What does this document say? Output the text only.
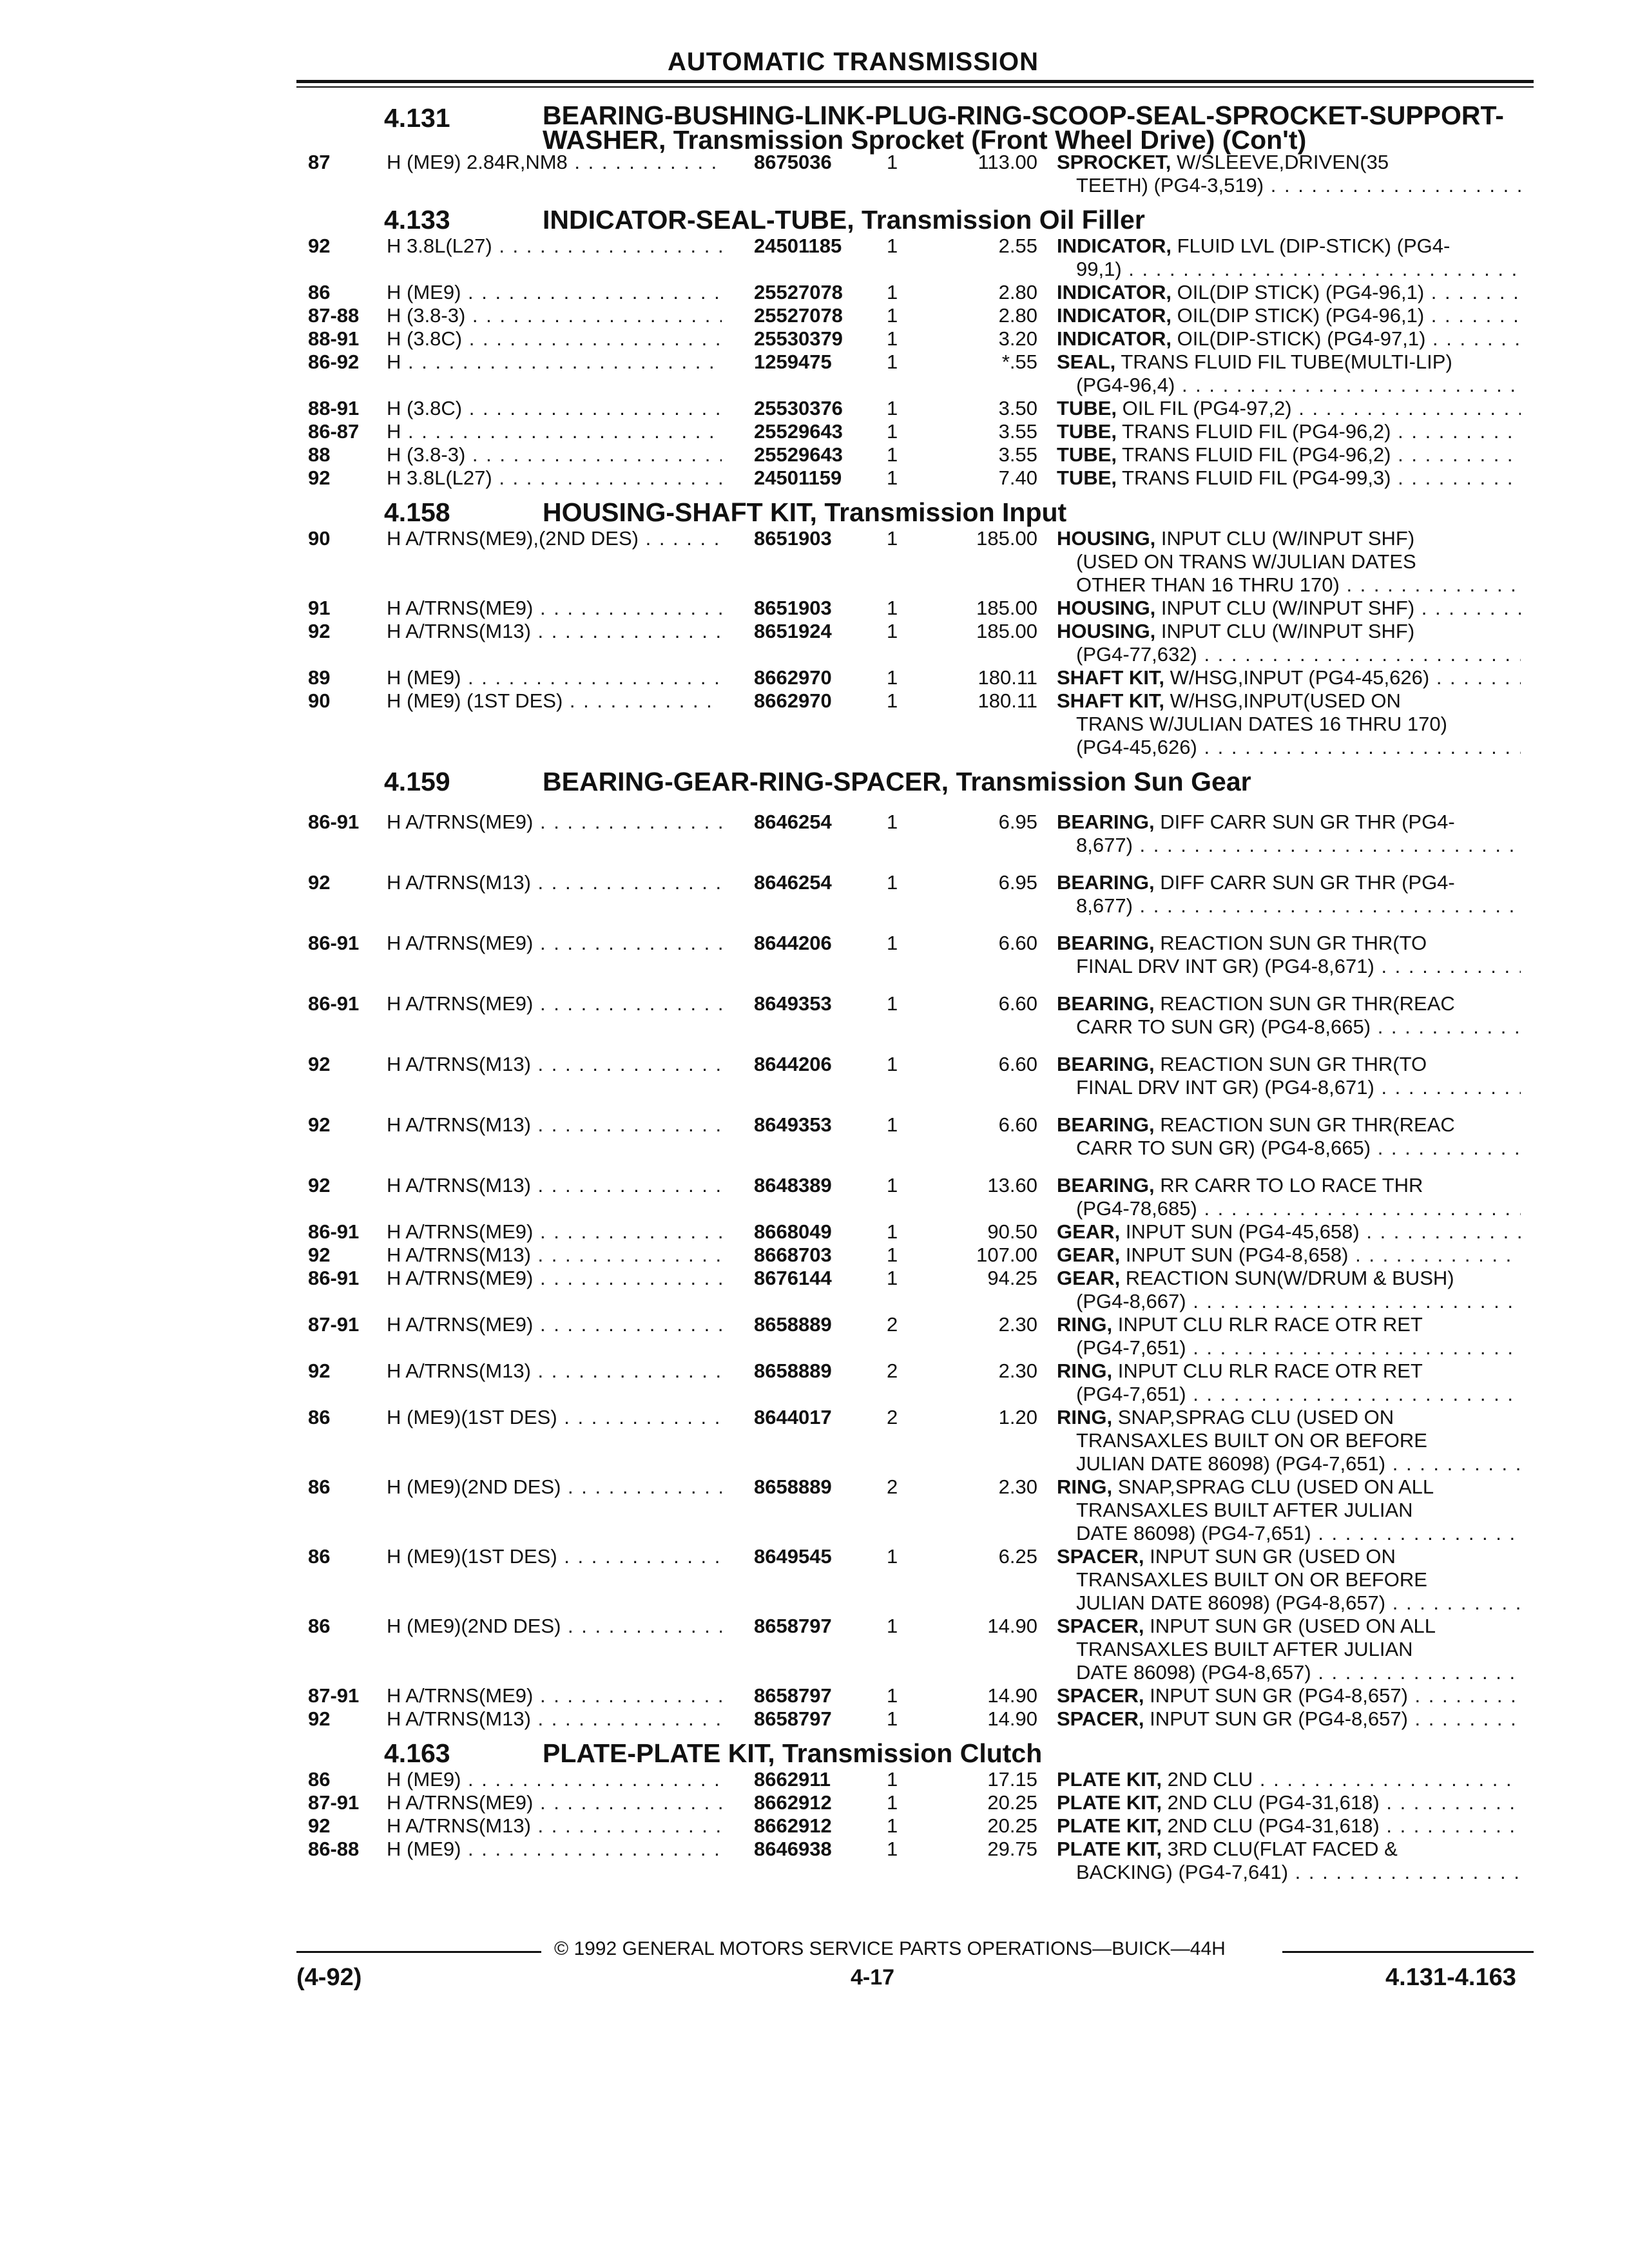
AUTOMATIC TRANSMISSION
4.131	BEARING-BUSHING-LINK-PLUG-RING-SCOOP-SEAL-SPROCKET-SUPPORT-WASHER, Transmission Sprocket (Front Wheel Drive) (Con't)
87	H (ME9) 2.84R,NM8 . . .	8675036	1	113.00 SPROCKET, W/SLEEVE,DRIVEN(35
TEETH) (PG4-3,519) . . .
4.133	INDICATOR-SEAL-TUBE, Transmission Oil Filler
92	H 3.8L(L27) . . .	24501185 1	2.55 INDICATOR, FLUID LVL (DIP-STICK) (PG4-
99,1) . . .
86	H (ME9) . . .	25527078 1	2.80 INDICATOR, OIL(DIP STICK) (PG4-96,1) . . .
87-88 H (3.8-3) . . .	25527078 1	2.80 INDICATOR, OIL(DIP STICK) (PG4-96,1) . . .
88-91 H (3.8C) . . .	25530379 1	3.20 INDICATOR, OIL(DIP-STICK) (PG4-97,1) . . .
86-92 H . . .	1259475	1	*.55 SEAL, TRANS FLUID FIL TUBE(MULTI-LIP)
(PG4-96,4) . . .
88-91 H (3.8C) . . .	25530376 1	3.50 TUBE, OIL FIL (PG4-97,2) . . .
86-87 H . . .	25529643 1	3.55 TUBE, TRANS FLUID FIL (PG4-96,2) . . .
88	H (3.8-3) . . .	25529643 1	3.55 TUBE, TRANS FLUID FIL (PG4-96,2) . . .
92	H 3.8L(L27) . . .	24501159 1	7.40 TUBE, TRANS FLUID FIL (PG4-99,3) . . .
4.158	HOUSING-SHAFT KIT, Transmission Input
90	H A/TRNS(ME9),(2ND DES) . . .	8651903	1	185.00 HOUSING, INPUT CLU (W/INPUT SHF)
(USED ON TRANS W/JULIAN DATES
OTHER THAN 16 THRU 170) . . .
91	H A/TRNS(ME9) . . .	8651903	1	185.00 HOUSING, INPUT CLU (W/INPUT SHF) . . .
92	H A/TRNS(M13) . . .	8651924	1	185.00 HOUSING, INPUT CLU (W/INPUT SHF)
(PG4-77,632) . . .
89	H (ME9) . . .	8662970	1	180.11 SHAFT KIT, W/HSG,INPUT (PG4-45,626) . . .
90	H (ME9) (1ST DES) . . .	8662970	1	180.11 SHAFT KIT, W/HSG,INPUT(USED ON
TRANS W/JULIAN DATES 16 THRU 170)
(PG4-45,626) . . .
4.159	BEARING-GEAR-RING-SPACER, Transmission Sun Gear
86-91 H A/TRNS(ME9) . . .	8646254	1	6.95 BEARING, DIFF CARR SUN GR THR (PG4-
8,677) . . .
92	H A/TRNS(M13) . . .	8646254	1	6.95 BEARING, DIFF CARR SUN GR THR (PG4-
8,677) . . .
86-91 H A/TRNS(ME9) . . .	8644206	1	6.60 BEARING, REACTION SUN GR THR(TO
FINAL DRV INT GR) (PG4-8,671) . . .
86-91 H A/TRNS(ME9) . . .	8649353	1	6.60 BEARING, REACTION SUN GR THR(REAC
CARR TO SUN GR) (PG4-8,665) . . .
92	H A/TRNS(M13) . . .	8644206	1	6.60 BEARING, REACTION SUN GR THR(TO
FINAL DRV INT GR) (PG4-8,671) . . .
92	H A/TRNS(M13) . . .	8649353	1	6.60 BEARING, REACTION SUN GR THR(REAC
CARR TO SUN GR) (PG4-8,665) . . .
92	H A/TRNS(M13) . . .	8648389	1	13.60 BEARING, RR CARR TO LO RACE THR
(PG4-78,685) . . .
86-91 H A/TRNS(ME9) . . .	8668049	1	90.50 GEAR, INPUT SUN (PG4-45,658) . . .
92	H A/TRNS(M13) . . .	8668703	1	107.00 GEAR, INPUT SUN (PG4-8,658) . . .
86-91 H A/TRNS(ME9) . . .	8676144	1	94.25 GEAR, REACTION SUN(W/DRUM & BUSH)
(PG4-8,667) . . .
87-91 H A/TRNS(ME9) . . .	8658889	2	2.30 RING, INPUT CLU RLR RACE OTR RET
(PG4-7,651) . . .
92	H A/TRNS(M13) . . .	8658889	2	2.30 RING, INPUT CLU RLR RACE OTR RET
(PG4-7,651) . . .
86	H (ME9)(1ST DES) . . .	8644017	2	1.20 RING, SNAP,SPRAG CLU (USED ON
TRANSAXLES BUILT ON OR BEFORE
JULIAN DATE 86098) (PG4-7,651) . . .
86	H (ME9)(2ND DES) . . .	8658889	2	2.30 RING, SNAP,SPRAG CLU (USED ON ALL
TRANSAXLES BUILT AFTER JULIAN
DATE 86098) (PG4-7,651) . . .
86	H (ME9)(1ST DES) . . .	8649545	1	6.25 SPACER, INPUT SUN GR (USED ON
TRANSAXLES BUILT ON OR BEFORE
JULIAN DATE 86098) (PG4-8,657) . . .
86	H (ME9)(2ND DES) . . .	8658797	1	14.90 SPACER, INPUT SUN GR (USED ON ALL
TRANSAXLES BUILT AFTER JULIAN
DATE 86098) (PG4-8,657) . . .
87-91 H A/TRNS(ME9) . . .	8658797	1	14.90 SPACER, INPUT SUN GR (PG4-8,657) . . .
92	H A/TRNS(M13) . . .	8658797	1	14.90 SPACER, INPUT SUN GR (PG4-8,657) . . .
4.163	PLATE-PLATE KIT, Transmission Clutch
86	H (ME9) . . .	8662911	1	17.15 PLATE KIT, 2ND CLU . . .
87-91 H A/TRNS(ME9) . . .	8662912	1	20.25 PLATE KIT, 2ND CLU (PG4-31,618) . . .
92	H A/TRNS(M13) . . .	8662912	1	20.25 PLATE KIT, 2ND CLU (PG4-31,618) . . .
86-88 H (ME9) . . .	8646938	1	29.75 PLATE KIT, 3RD CLU(FLAT FACED &
BACKING) (PG4-7,641) . . .
© 1992 GENERAL MOTORS SERVICE PARTS OPERATIONS—BUICK—44H
(4-92)	4-17	4.131-4.163
